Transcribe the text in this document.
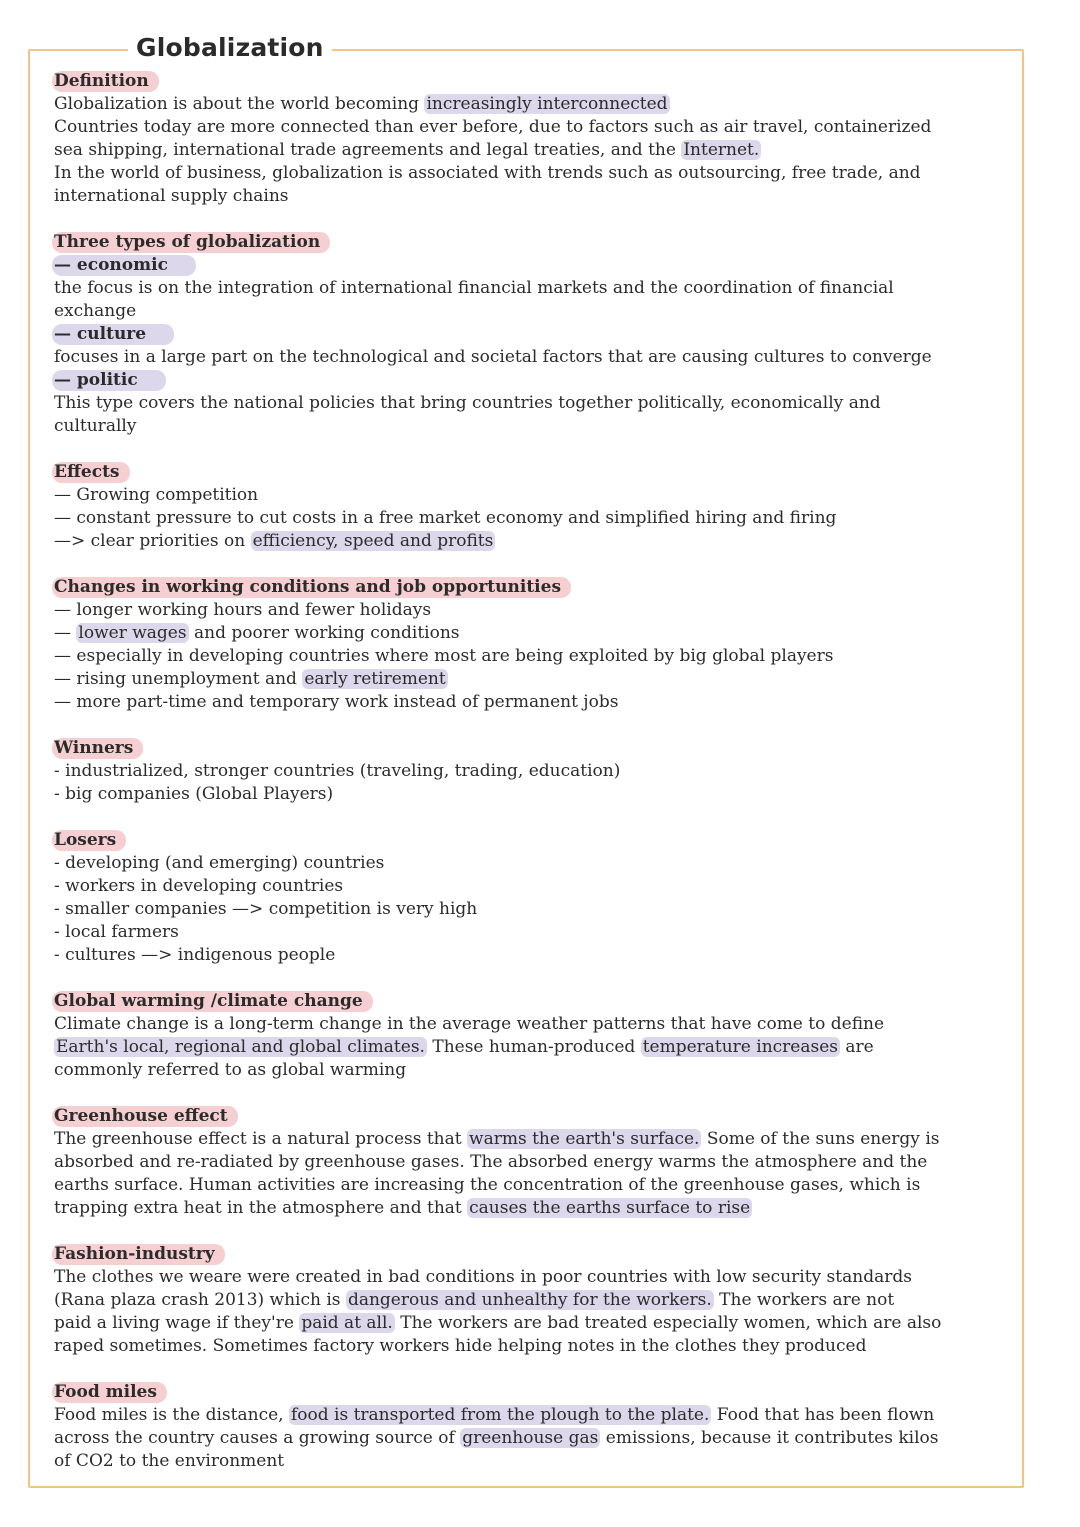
Globalization
Definition
Globalization is about the world becoming increasingly interconnected
Countries today are more connected than ever before, due to factors such as air travel, containerized
sea shipping, international trade agreements and legal treaties, and the Internet.
In the world of business, globalization is associated with trends such as outsourcing, free trade, and
international supply chains
Three types of globalization
— economic
the focus is on the integration of international financial markets and the coordination of financial
exchange
— culture
focuses in a large part on the technological and societal factors that are causing cultures to converge
— politic
This type covers the national policies that bring countries together politically, economically and
culturally
Effects
— Growing competition
— constant pressure to cut costs in a free market economy and simplified hiring and firing
—> clear priorities on efficiency, speed and profits
Changes in working conditions and job opportunities
— longer working hours and fewer holidays
— lower wages and poorer working conditions
— especially in developing countries where most are being exploited by big global players
— rising unemployment and early retirement
— more part-time and temporary work instead of permanent jobs
Winners
- industrialized, stronger countries (traveling, trading, education)
- big companies (Global Players)
Losers
- developing (and emerging) countries
- workers in developing countries
- smaller companies —> competition is very high
- local farmers
- cultures —> indigenous people
Global warming /climate change
Climate change is a long-term change in the average weather patterns that have come to define
Earth's local, regional and global climates. These human-produced temperature increases are
commonly referred to as global warming
Greenhouse effect
The greenhouse effect is a natural process that warms the earth's surface. Some of the suns energy is
absorbed and re-radiated by greenhouse gases. The absorbed energy warms the atmosphere and the
earths surface. Human activities are increasing the concentration of the greenhouse gases, which is
trapping extra heat in the atmosphere and that causes the earths surface to rise
Fashion-industry
The clothes we weare were created in bad conditions in poor countries with low security standards
(Rana plaza crash 2013) which is dangerous and unhealthy for the workers. The workers are not
paid a living wage if they're paid at all. The workers are bad treated especially women, which are also
raped sometimes. Sometimes factory workers hide helping notes in the clothes they produced
Food miles
Food miles is the distance, food is transported from the plough to the plate. Food that has been flown
across the country causes a growing source of greenhouse gas emissions, because it contributes kilos
of CO2 to the environment
